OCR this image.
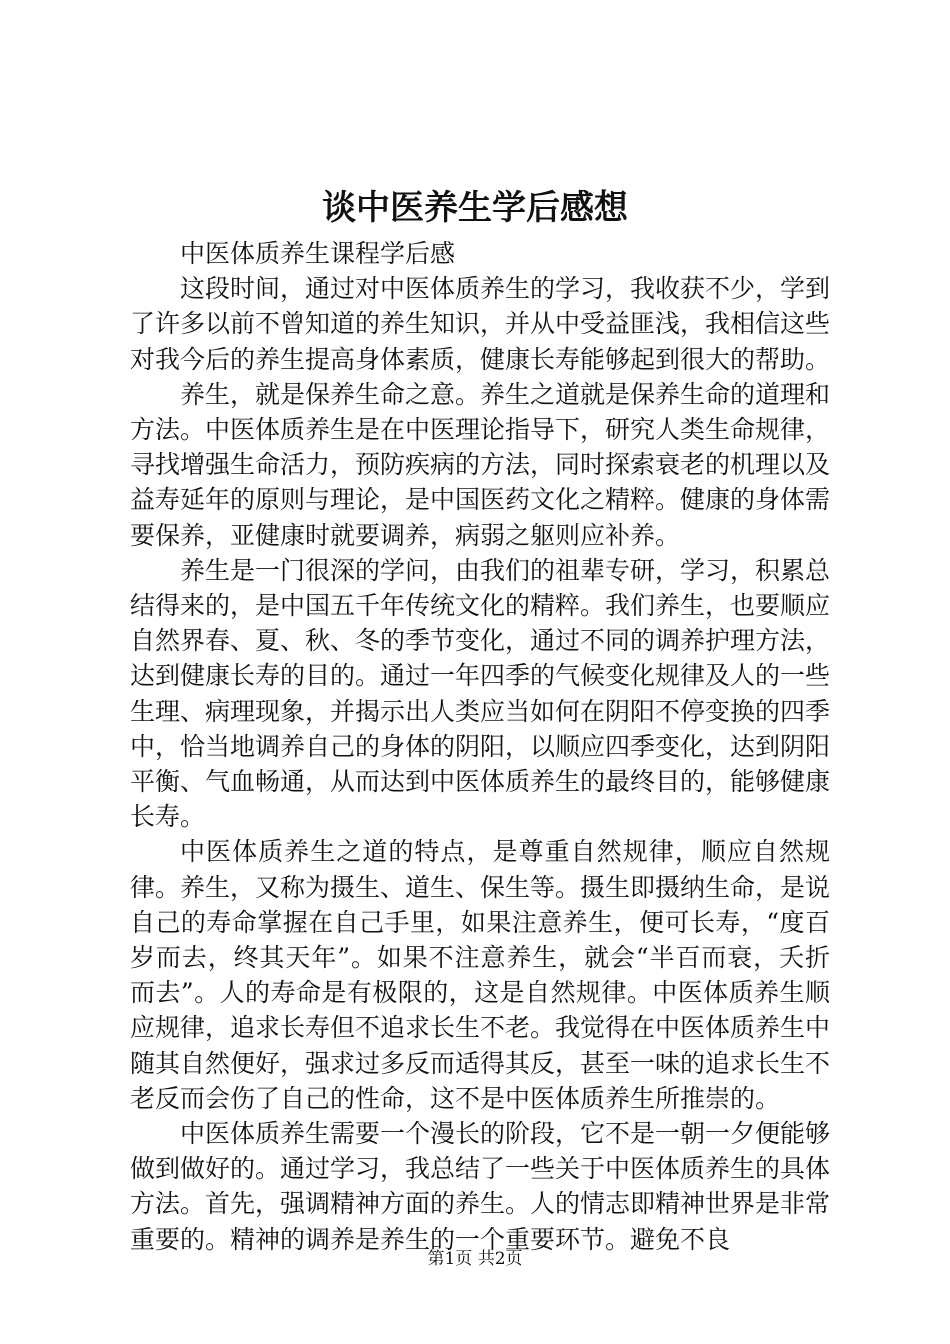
谈中医养生学后感想

中医体质养生课程学后感

这段时间，通过对中医体质养生的学习，我收获不少，学到了许多以前不曾知道的养生知识，并从中受益匪浅，我相信这些对我今后的养生提高身体素质，健康长寿能够起到很大的帮助。

养生，就是保养生命之意。养生之道就是保养生命的道理和方法。中医体质养生是在中医理论指导下，研究人类生命规律，寻找增强生命活力，预防疾病的方法，同时探索衰老的机理以及益寿延年的原则与理论，是中国医药文化之精粹。健康的身体需要保养，亚健康时就要调养，病弱之躯则应补养。

养生是一门很深的学问，由我们的祖辈专研，学习，积累总结得来的，是中国五千年传统文化的精粹。我们养生，也要顺应自然界春、夏、秋、冬的季节变化，通过不同的调养护理方法，达到健康长寿的目的。通过一年四季的气候变化规律及人的一些生理、病理现象，并揭示出人类应当如何在阴阳不停变换的四季中，恰当地调养自己的身体的阴阳，以顺应四季变化，达到阴阳平衡、气血畅通，从而达到中医体质养生的最终目的，能够健康长寿。

中医体质养生之道的特点，是尊重自然规律，顺应自然规律。养生，又称为摄生、道生、保生等。摄生即摄纳生命，是说自己的寿命掌握在自己手里，如果注意养生，便可长寿，“度百岁而去，终其天年”。如果不注意养生，就会“半百而衰，夭折而去”。人的寿命是有极限的，这是自然规律。中医体质养生顺应规律，追求长寿但不追求长生不老。我觉得在中医体质养生中随其自然便好，强求过多反而适得其反，甚至一味的追求长生不老反而会伤了自己的性命，这不是中医体质养生所推崇的。

中医体质养生需要一个漫长的阶段，它不是一朝一夕便能够做到做好的。通过学习，我总结了一些关于中医体质养生的具体方法。首先，强调精神方面的养生。人的情志即精神世界是非常重要的。精神的调养是养生的一个重要环节。避免不良

第1页 共2页
